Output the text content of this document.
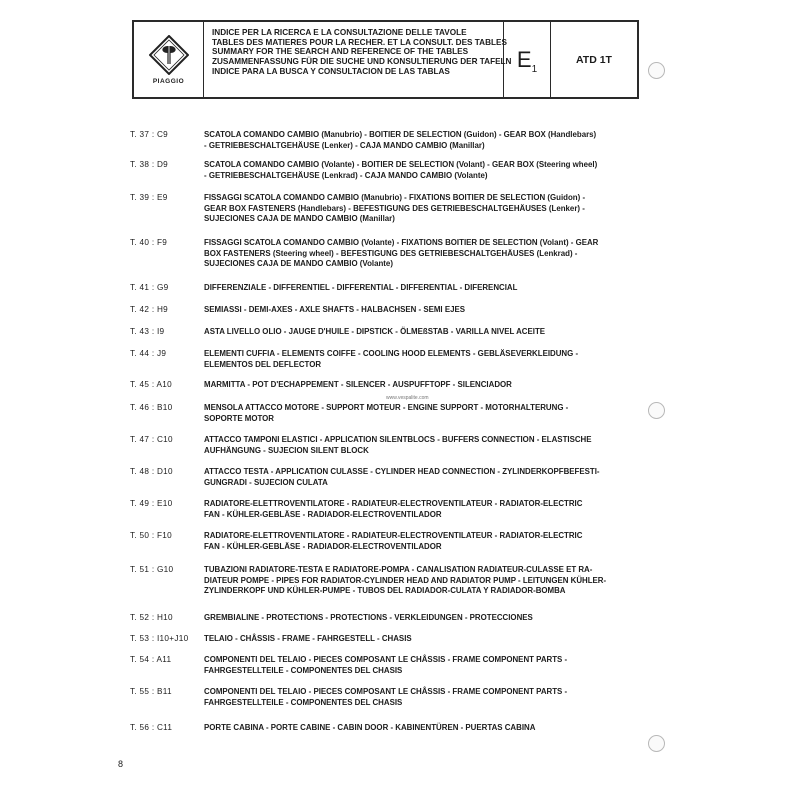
PIAGGIO
INDICE PER LA RICERCA E LA CONSULTAZIONE DELLE TAVOLE
TABLES DES MATIERES POUR LA RECHER. ET LA CONSULT. DES TABLES
SUMMARY FOR THE SEARCH AND REFERENCE OF THE TABLES
ZUSAMMENFASSUNG FÜR DIE SUCHE UND KONSULTIERUNG DER TAFELN
INDICE PARA LA BUSCA Y CONSULTACION DE LAS TABLAS	E 1
ATD 1T
T. 37 : C9	SCATOLA COMANDO CAMBIO (Manubrio) - BOITIER DE SELECTION (Guidon) - GEAR BOX (Handlebars)
- GETRIEBESCHALTGEHÄUSE (Lenker) - CAJA MANDO CAMBIO (Manillar)
T. 38 : D9	SCATOLA COMANDO CAMBIO (Volante) - BOITIER DE SELECTION (Volant) - GEAR BOX (Steering wheel)
- GETRIEBESCHALTGEHÄUSE (Lenkrad) - CAJA MANDO CAMBIO (Volante)
T. 39 : E9	FISSAGGI SCATOLA COMANDO CAMBIO (Manubrio) - FIXATIONS BOITIER DE SELECTION (Guidon) -
GEAR BOX FASTENERS (Handlebars) - BEFESTIGUNG DES GETRIEBESCHALTGEHÄUSES (Lenker) -
SUJECIONES CAJA DE MANDO CAMBIO (Manillar)
T. 40 : F9	FISSAGGI SCATOLA COMANDO CAMBIO (Volante) - FIXATIONS BOITIER DE SELECTION (Volant) - GEAR
BOX FASTENERS (Steering wheel) - BEFESTIGUNG DES GETRIEBESCHALTGEHÄUSES (Lenkrad) -
SUJECIONES CAJA DE MANDO CAMBIO (Volante)
T. 41 : G9	DIFFERENZIALE - DIFFERENTIEL - DIFFERENTIAL - DIFFERENTIAL - DIFERENCIAL
T. 42 : H9	SEMIASSI - DEMI-AXES - AXLE SHAFTS - HALBACHSEN - SEMI EJES
T. 43 : I9	ASTA LIVELLO OLIO - JAUGE D'HUILE - DIPSTICK - ÖLMEßSTAB - VARILLA NIVEL ACEITE
T. 44 : J9	ELEMENTI CUFFIA - ELEMENTS COIFFE - COOLING HOOD ELEMENTS - GEBLÄSEVERKLEIDUNG -
ELEMENTOS DEL DEFLECTOR
T. 45 : A10	MARMITTA - POT D'ECHAPPEMENT - SILENCER - AUSPUFFTOPF - SILENCIADOR
T. 46 : B10	MENSOLA ATTACCO MOTORE - SUPPORT MOTEUR - ENGINE SUPPORT - MOTORHALTERUNG -
SOPORTE MOTOR
T. 47 : C10	ATTACCO TAMPONI ELASTICI - APPLICATION SILENTBLOCS - BUFFERS CONNECTION - ELASTISCHE
AUFHÄNGUNG - SUJECION SILENT BLOCK
T. 48 : D10	ATTACCO TESTA - APPLICATION CULASSE - CYLINDER HEAD CONNECTION - ZYLINDERKOPFBEFESTI-
GUNGRADI - SUJECION CULATA
T. 49 : E10	RADIATORE-ELETTROVENTILATORE - RADIATEUR-ELECTROVENTILATEUR - RADIATOR-ELECTRIC
FAN - KÜHLER-GEBLÄSE - RADIADOR-ELECTROVENTILADOR
T. 50 : F10	RADIATORE-ELETTROVENTILATORE - RADIATEUR-ELECTROVENTILATEUR - RADIATOR-ELECTRIC
FAN - KÜHLER-GEBLÄSE - RADIADOR-ELECTROVENTILADOR
T. 51 : G10	TUBAZIONI RADIATORE-TESTA E RADIATORE-POMPA - CANALISATION RADIATEUR-CULASSE ET RA-
DIATEUR POMPE - PIPES FOR RADIATOR-CYLINDER HEAD AND RADIATOR PUMP - LEITUNGEN KÜHLER-
ZYLINDERKOPF UND KÜHLER-PUMPE - TUBOS DEL RADIADOR-CULATA Y RADIADOR-BOMBA
T. 52 : H10	GREMBIALINE - PROTECTIONS - PROTECTIONS - VERKLEIDUNGEN - PROTECCIONES
T. 53 : I10+J10 TELAIO - CHÂSSIS - FRAME - FAHRGESTELL - CHASIS
T. 54 : A11	COMPONENTI DEL TELAIO - PIECES COMPOSANT LE CHÂSSIS - FRAME COMPONENT PARTS -
FAHRGESTELLTEILE - COMPONENTES DEL CHASIS
T. 55 : B11	COMPONENTI DEL TELAIO - PIECES COMPOSANT LE CHÂSSIS - FRAME COMPONENT PARTS -
FAHRGESTELLTEILE - COMPONENTES DEL CHASIS
T. 56 : C11	PORTE CABINA - PORTE CABINE - CABIN DOOR - KABINENTÜREN - PUERTAS CABINA
www.vespalite.com
8
